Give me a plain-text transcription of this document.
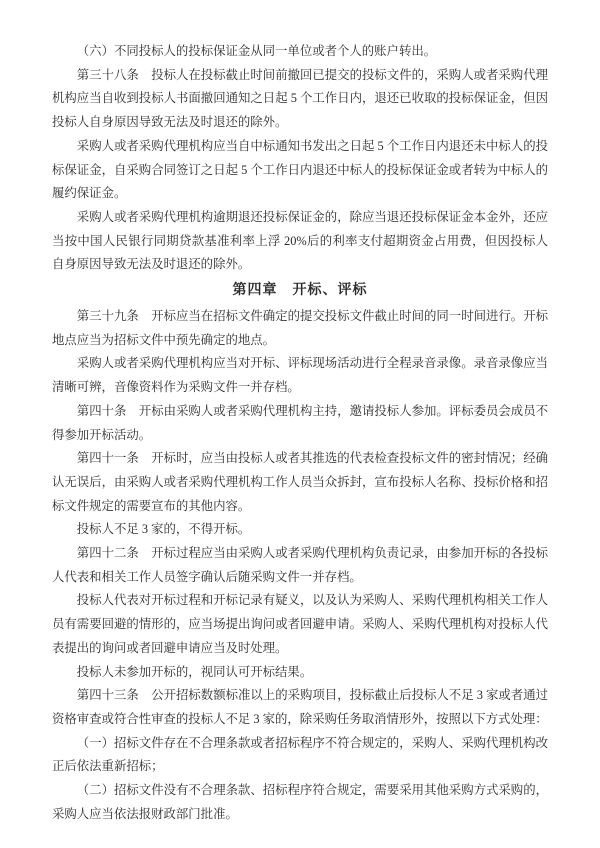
（六）不同投标人的投标保证金从同一单位或者个人的账户转出。

第三十八条　投标人在投标截止时间前撤回已提交的投标文件的，采购人或者采购代理机构应当自收到投标人书面撤回通知之日起 5 个工作日内，退还已收取的投标保证金，但因投标人自身原因导致无法及时退还的除外。

采购人或者采购代理机构应当自中标通知书发出之日起 5 个工作日内退还未中标人的投标保证金，自采购合同签订之日起 5 个工作日内退还中标人的投标保证金或者转为中标人的履约保证金。

采购人或者采购代理机构逾期退还投标保证金的，除应当退还投标保证金本金外，还应当按中国人民银行同期贷款基准利率上浮 20%后的利率支付超期资金占用费，但因投标人自身原因导致无法及时退还的除外。

第四章　开标、评标

第三十九条　开标应当在招标文件确定的提交投标文件截止时间的同一时间进行。开标地点应当为招标文件中预先确定的地点。

采购人或者采购代理机构应当对开标、评标现场活动进行全程录音录像。录音录像应当清晰可辨，音像资料作为采购文件一并存档。

第四十条　开标由采购人或者采购代理机构主持，邀请投标人参加。评标委员会成员不得参加开标活动。

第四十一条　开标时，应当由投标人或者其推选的代表检查投标文件的密封情况；经确认无误后，由采购人或者采购代理机构工作人员当众拆封，宣布投标人名称、投标价格和招标文件规定的需要宣布的其他内容。

投标人不足 3 家的，不得开标。

第四十二条　开标过程应当由采购人或者采购代理机构负责记录，由参加开标的各投标人代表和相关工作人员签字确认后随采购文件一并存档。

投标人代表对开标过程和开标记录有疑义，以及认为采购人、采购代理机构相关工作人员有需要回避的情形的，应当场提出询问或者回避申请。采购人、采购代理机构对投标人代表提出的询问或者回避申请应当及时处理。

投标人未参加开标的，视同认可开标结果。

第四十三条　公开招标数额标准以上的采购项目，投标截止后投标人不足 3 家或者通过资格审查或符合性审查的投标人不足 3 家的，除采购任务取消情形外，按照以下方式处理：

（一）招标文件存在不合理条款或者招标程序不符合规定的，采购人、采购代理机构改正后依法重新招标；

（二）招标文件没有不合理条款、招标程序符合规定，需要采用其他采购方式采购的，采购人应当依法报财政部门批准。
